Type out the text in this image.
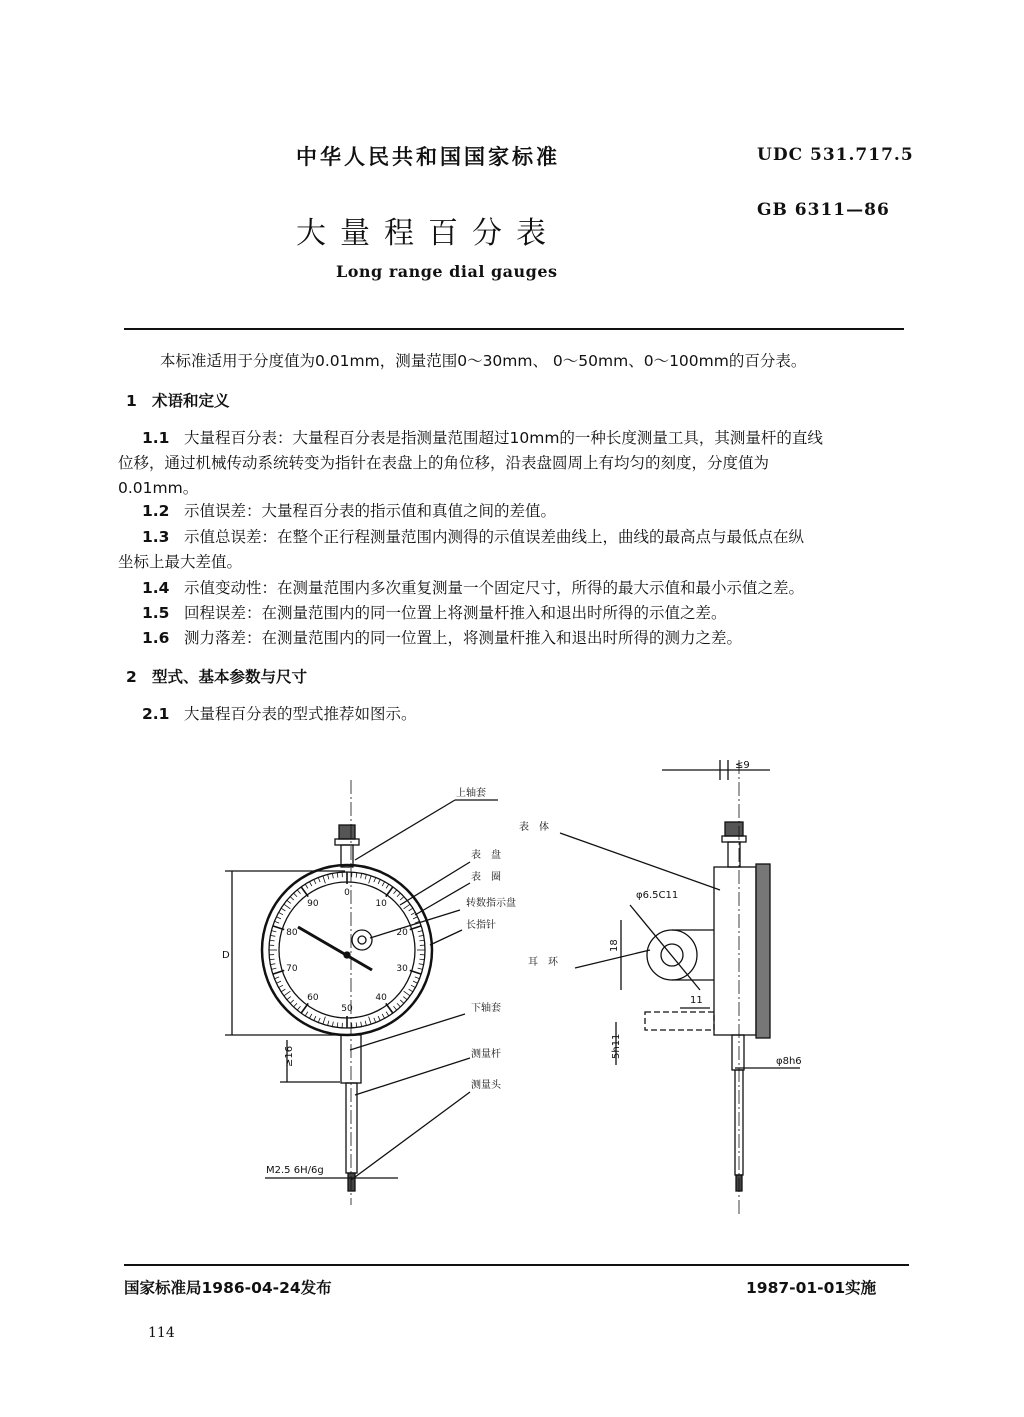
中华人民共和国国家标准	UDC 531.717.5
GB 6311—86
大量程百分表
Long range dial gauges
本标准适用于分度值为0.01mm，测量范围0～30mm、 0～50mm、0～100mm的百分表。
1 术语和定义
1.1 大量程百分表：大量程百分表是指测量范围超过10mm的一种长度测量工具，其测量杆的直线
位移，通过机械传动系统转变为指针在表盘上的角位移，沿表盘圆周上有均匀的刻度，分度值为
0.01mm。
1.2 示值误差：大量程百分表的指示值和真值之间的差值。
1.3 示值总误差：在整个正行程测量范围内测得的示值误差曲线上，曲线的最高点与最低点在纵
坐标上最大差值。
1.4 示值变动性：在测量范围内多次重复测量一个固定尺寸，所得的最大示值和最小示值之差。
1.5 回程误差：在测量范围内的同一位置上将测量杆推入和退出时所得的示值之差。
1.6 测力落差：在测量范围内的同一位置上，将测量杆推入和退出时所得的测力之差。
2 型式、基本参数与尺寸
2.1 大量程百分表的型式推荐如图示。
上轴套
表　体
表　盘
表　圈
转数指示盘
长指针
耳　环
下轴套
测量杆
测量头
M2.5 6H/6g
D
≥16
≤9
φ6.5C11
18
11
5h11
φ8h6
0
10
20
30
40
50
60
70
80
90
国家标准局1986-04-24发布	1987-01-01实施
114
